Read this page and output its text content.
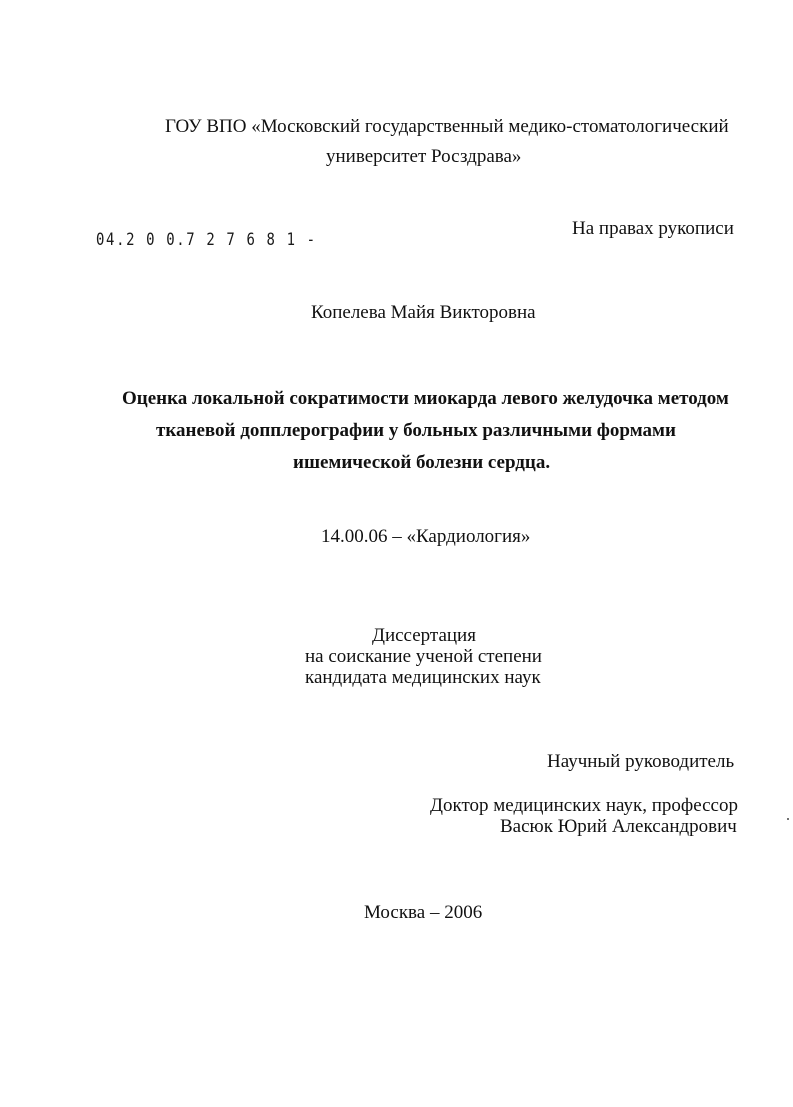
ГОУ ВПО «Московский государственный медико-стоматологический
университет Росздрава»
04.2 0 0.7 2 7 6 8 1 -
На правах рукописи
Копелева Майя Викторовна
Оценка локальной сократимости миокарда левого желудочка методом
тканевой допплерографии у больных различными формами
ишемической болезни сердца.
14.00.06 – «Кардиология»
Диссертация
на соискание ученой степени
кандидата медицинских наук
Научный руководитель
Доктор медицинских наук, профессор
Васюк Юрий Александрович
Москва – 2006
